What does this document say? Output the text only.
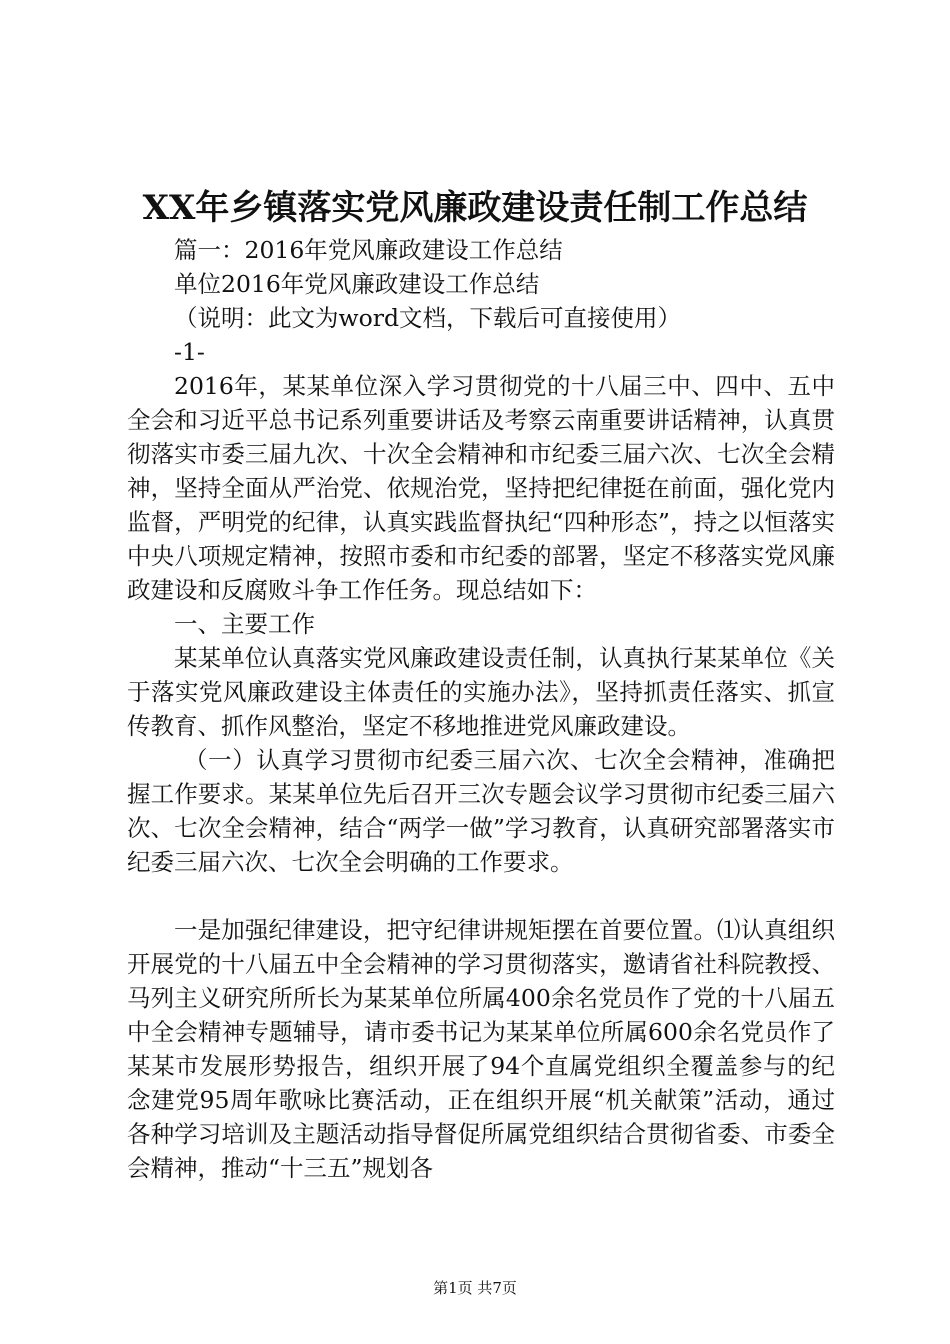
XX年乡镇落实党风廉政建设责任制工作总结

篇一：2016年党风廉政建设工作总结

单位2016年党风廉政建设工作总结

（说明：此文为word文档，下载后可直接使用）

-1-

2016年，某某单位深入学习贯彻党的十八届三中、四中、五中全会和习近平总书记系列重要讲话及考察云南重要讲话精神，认真贯彻落实市委三届九次、十次全会精神和市纪委三届六次、七次全会精神，坚持全面从严治党、依规治党，坚持把纪律挺在前面，强化党内监督，严明党的纪律，认真实践监督执纪“四种形态”，持之以恒落实中央八项规定精神，按照市委和市纪委的部署，坚定不移落实党风廉政建设和反腐败斗争工作任务。现总结如下：

一、主要工作

某某单位认真落实党风廉政建设责任制，认真执行某某单位《关于落实党风廉政建设主体责任的实施办法》，坚持抓责任落实、抓宣传教育、抓作风整治，坚定不移地推进党风廉政建设。

（一）认真学习贯彻市纪委三届六次、七次全会精神，准确把握工作要求。某某单位先后召开三次专题会议学习贯彻市纪委三届六次、七次全会精神，结合“两学一做”学习教育，认真研究部署落实市纪委三届六次、七次全会明确的工作要求。

一是加强纪律建设，把守纪律讲规矩摆在首要位置。⑴认真组织开展党的十八届五中全会精神的学习贯彻落实，邀请省社科院教授、马列主义研究所所长为某某单位所属400余名党员作了党的十八届五中全会精神专题辅导，请市委书记为某某单位所属600余名党员作了某某市发展形势报告，组织开展了94个直属党组织全覆盖参与的纪念建党95周年歌咏比赛活动，正在组织开展“机关献策”活动，通过各种学习培训及主题活动指导督促所属党组织结合贯彻省委、市委全会精神，推动“十三五”规划各

第1页 共7页
